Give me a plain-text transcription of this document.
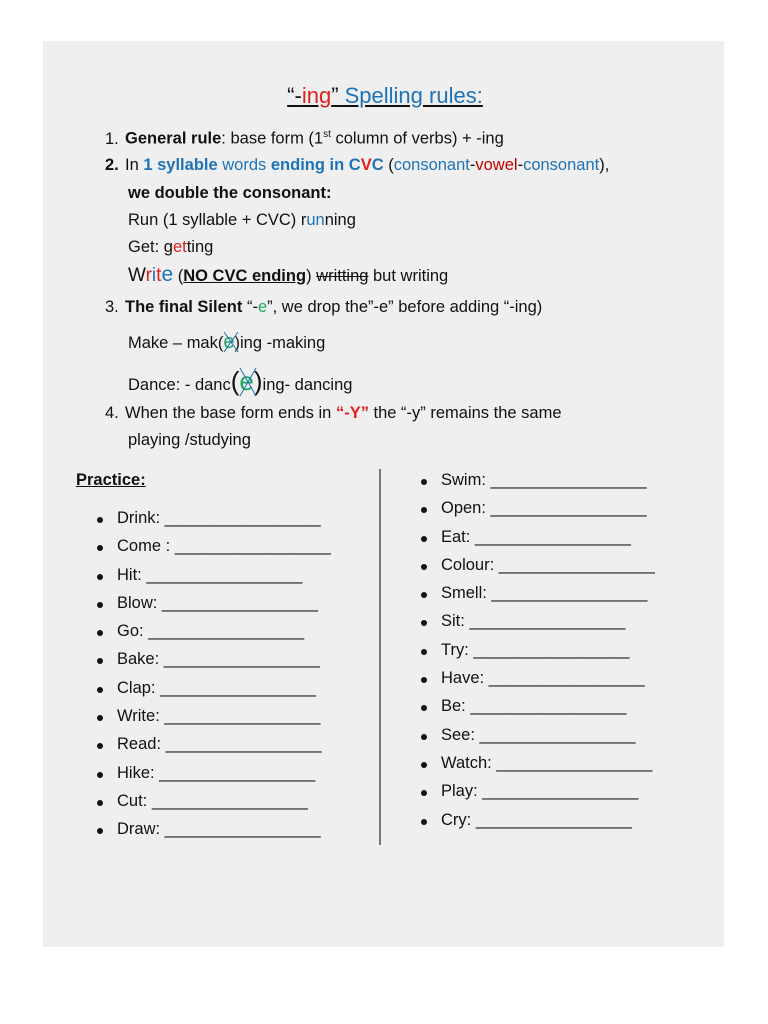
“-ing” Spelling rules:
1. General rule: base form (1st column of verbs) + -ing
2. In 1 syllable words ending in CVC (consonant-vowel-consonant),
we double the consonant:
Run (1 syllable + CVC) running
Get: getting
Write (NO CVC ending) writting but writing
3. The final Silent “-e”, we drop the”-e” before adding “-ing)
Make – mak(e
)ing -making
Dance: - danc(e
)ing- dancing
4. When the base form ends in “-Y” the “-y” remains the same
playing /studying
Practice:
Drink: _________________
Come : _________________
Hit: _________________
Blow: _________________
Go: _________________
Bake: _________________
Clap: _________________
Write: _________________
Read: _________________
Hike: _________________
Cut: _________________
Draw: _________________
Swim: _________________
Open: _________________
Eat: _________________
Colour: _________________
Smell: _________________
Sit: _________________
Try: _________________
Have: _________________
Be: _________________
See: _________________
Watch: _________________
Play: _________________
Cry: _________________
